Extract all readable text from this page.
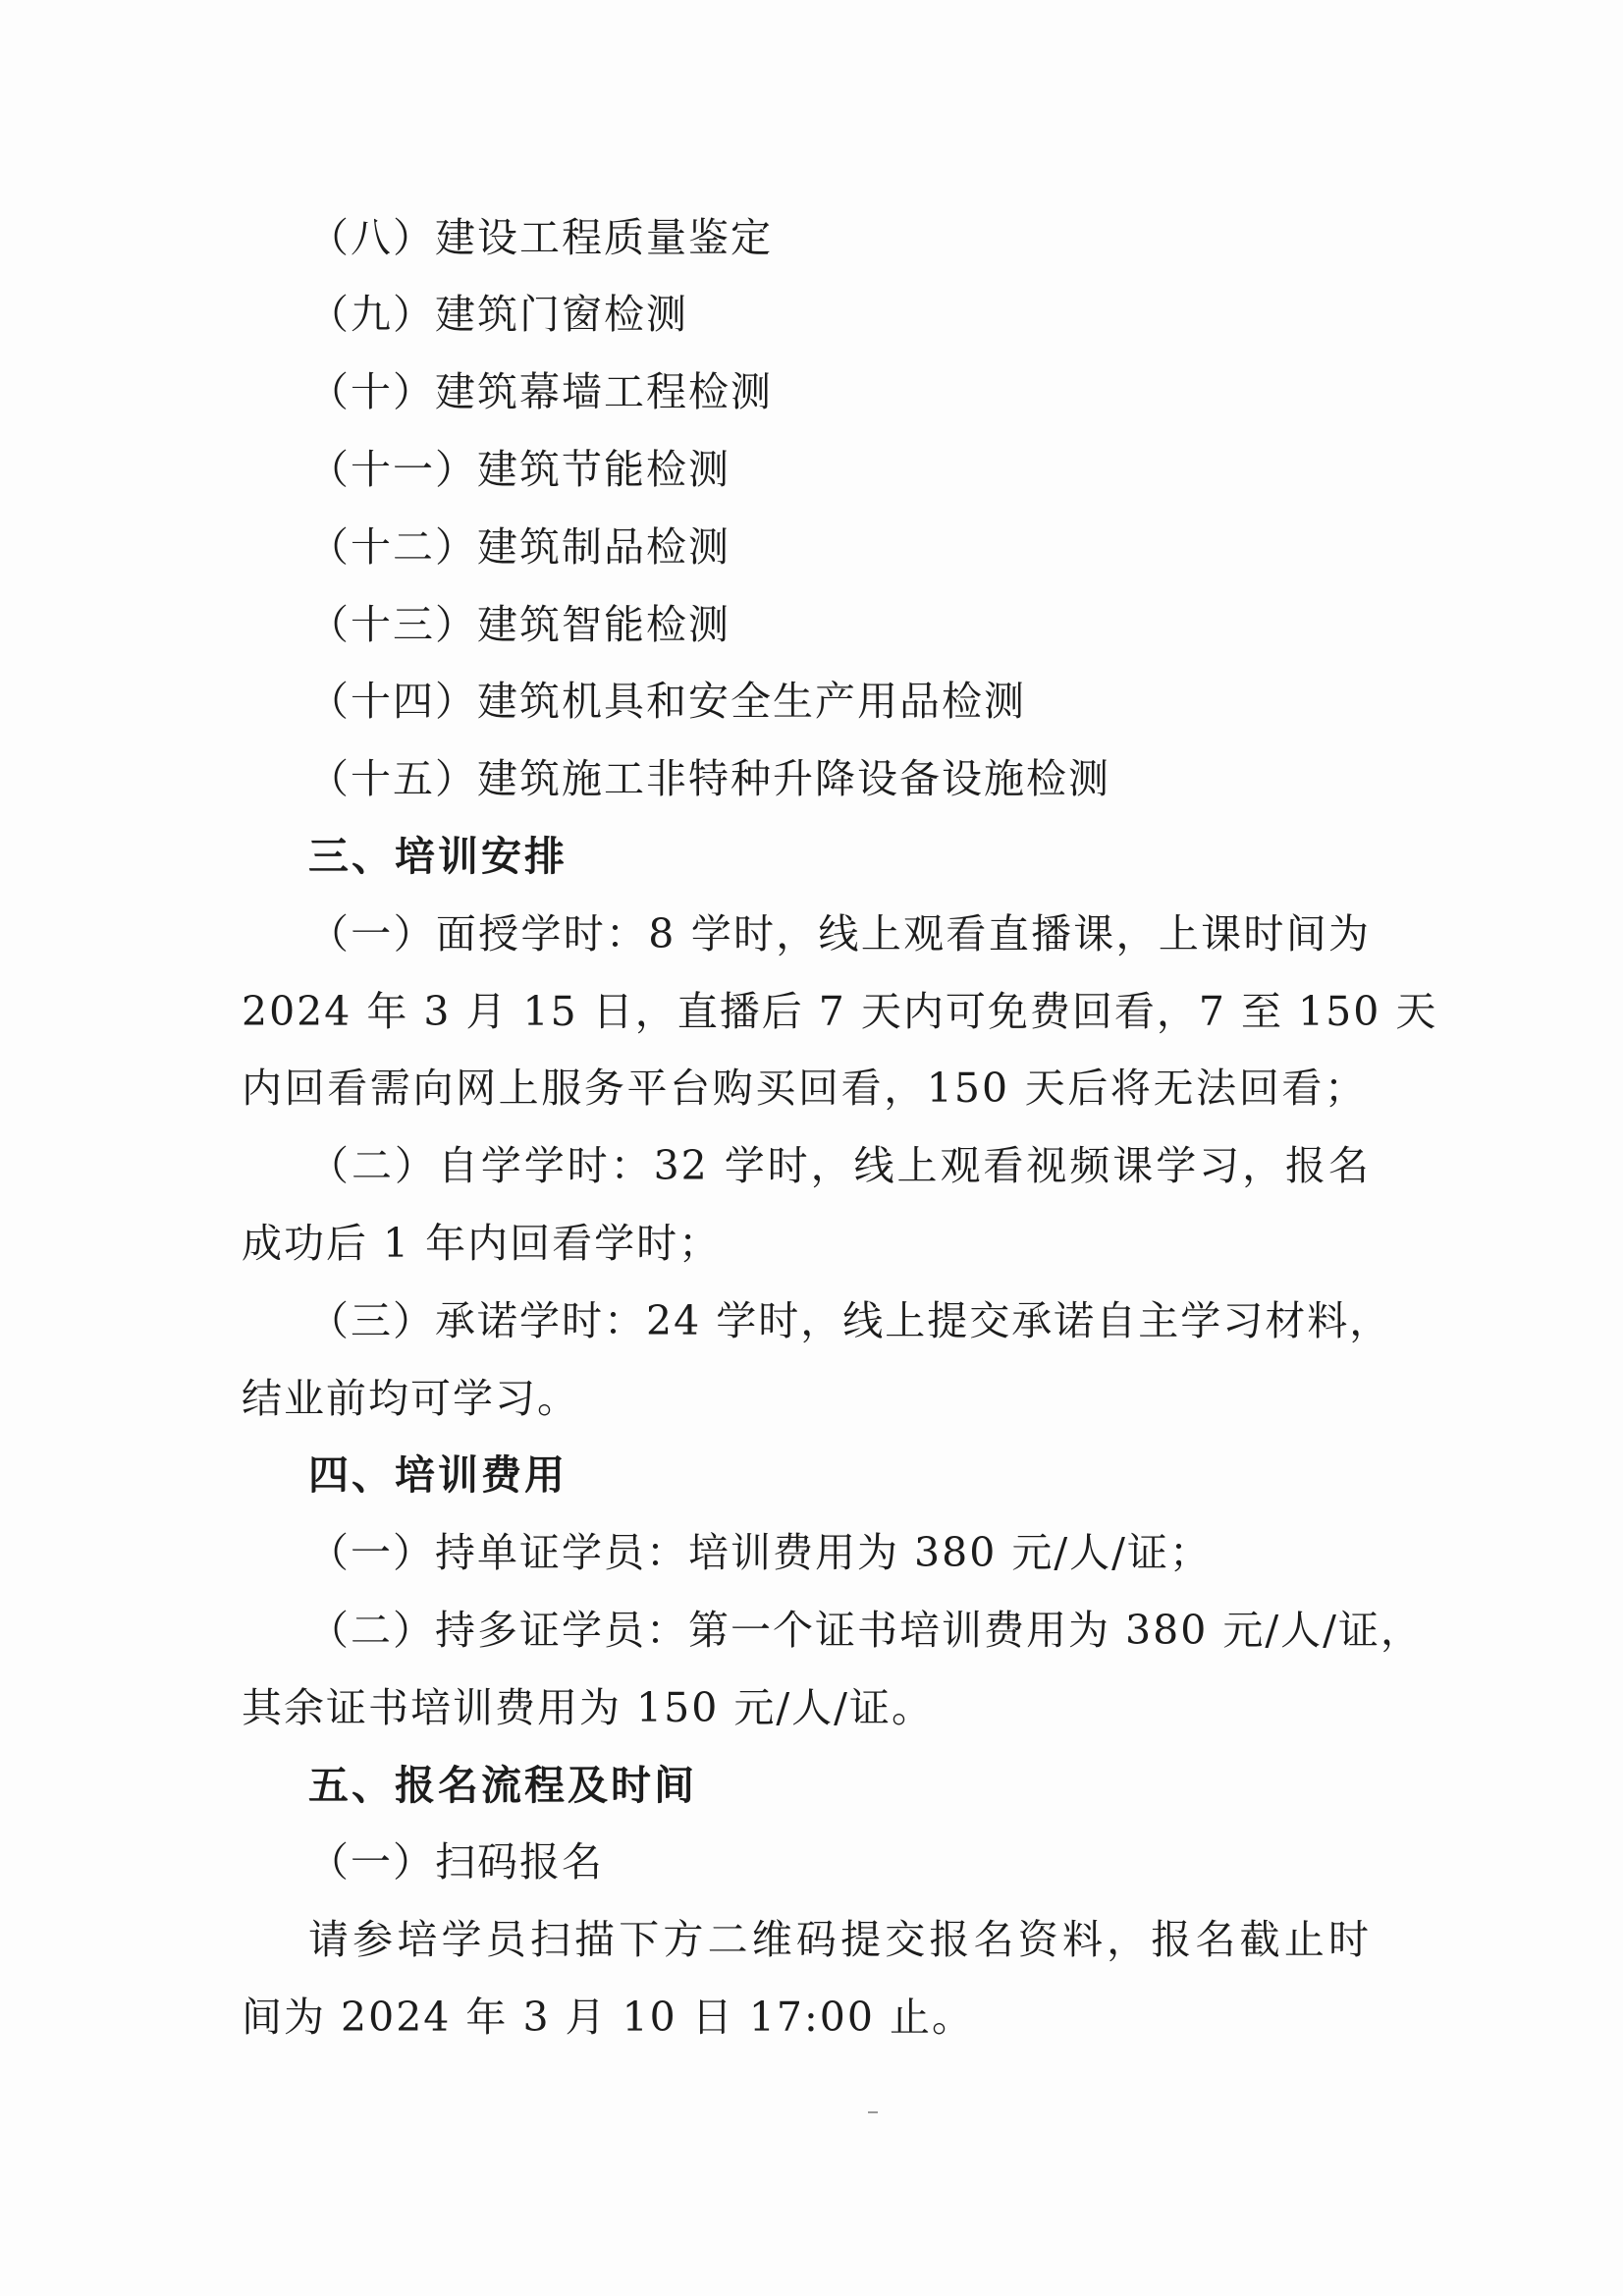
（八）建设工程质量鉴定
（九）建筑门窗检测
（十）建筑幕墙工程检测
（十一）建筑节能检测
（十二）建筑制品检测
（十三）建筑智能检测
（十四）建筑机具和安全生产用品检测
（十五）建筑施工非特种升降设备设施检测
三、培训安排
（一）面授学时：8 学时，线上观看直播课，上课时间为
2024 年 3 月 15 日，直播后 7 天内可免费回看，7 至 150 天
内回看需向网上服务平台购买回看，150 天后将无法回看；
（二）自学学时：32 学时，线上观看视频课学习，报名
成功后 1 年内回看学时；
（三）承诺学时：24 学时，线上提交承诺自主学习材料，
结业前均可学习。
四、培训费用
（一）持单证学员：培训费用为 380 元/人/证；
（二）持多证学员：第一个证书培训费用为 380 元/人/证，
其余证书培训费用为 150 元/人/证。
五、报名流程及时间
（一）扫码报名
请参培学员扫描下方二维码提交报名资料，报名截止时
间为 2024 年 3 月 10 日 17:00 止。
